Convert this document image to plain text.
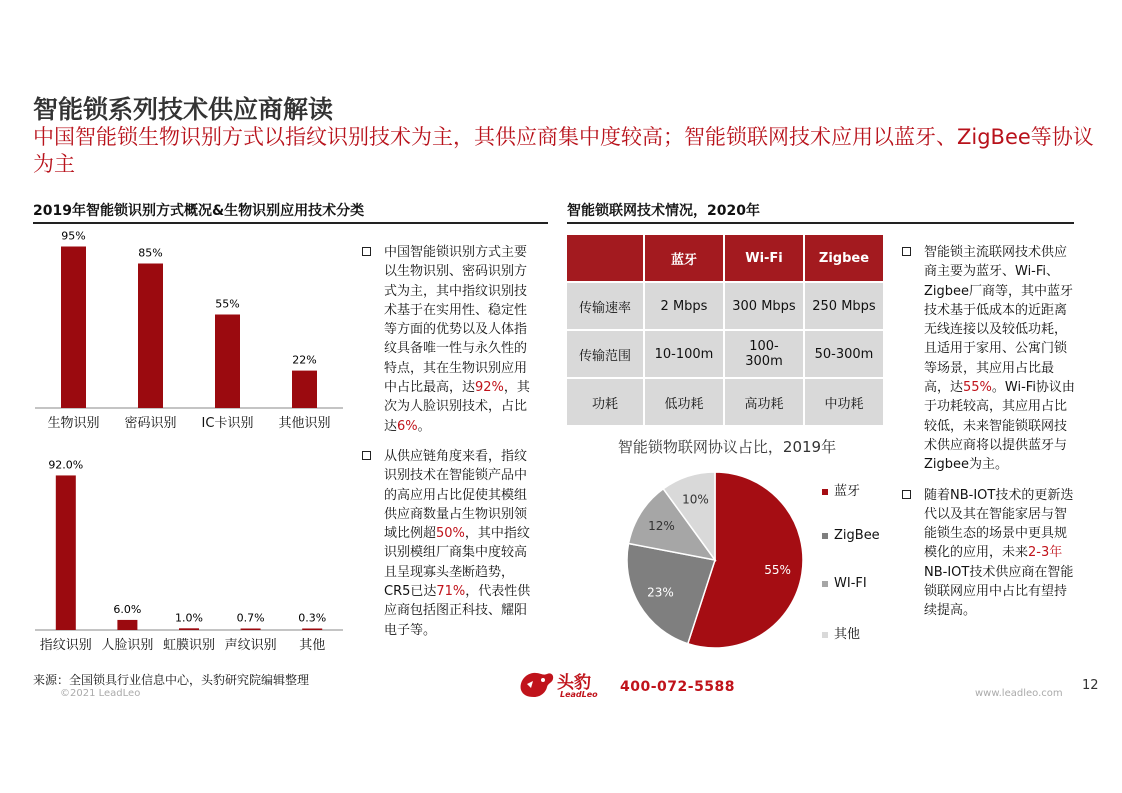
智能锁系列技术供应商解读
中国智能锁生物识别方式以指纹识别技术为主，其供应商集中度较高；智能锁联网技术应用以蓝牙、ZigBee等协议为主
2019年智能锁识别方式概况&生物识别应用技术分类	智能锁联网技术情况，2020年
95%
生物识别
85%
密码识别
55%
IC卡识别
22%
其他识别
92.0%
指纹识别
6.0%
人脸识别
1.0%
虹膜识别
0.7%
声纹识别
0.3%
其他
中国智能锁识别方式主要以生物识别、密码识别方式为主，其中指纹识别技术基于在实用性、稳定性等方面的优势以及人体指纹具备唯一性与永久性的特点，其在生物识别应用中占比最高，达92%，其次为人脸识别技术，占比达6%。
从供应链角度来看，指纹识别技术在智能锁产品中的高应用占比促使其模组供应商数量占生物识别领域比例超50%，其中指纹识别模组厂商集中度较高且呈现寡头垄断趋势，CR5已达71%，代表性供应商包括图正科技、耀阳电子等。
	蓝牙	Wi-Fi	Zigbee
传输速率	2 Mbps	300 Mbps	250 Mbps
传输范围	10-100m	100-300m	50-300m
功耗	低功耗	高功耗	中功耗
智能锁物联网协议占比，2019年
55%
23%
12%
10%
蓝牙
ZigBee
WI-FI
其他
智能锁主流联网技术供应商主要为蓝牙、Wi-Fi、Zigbee厂商等，其中蓝牙技术基于低成本的近距离无线连接以及较低功耗，且适用于家用、公寓门锁等场景，其应用占比最高，达55%。Wi-Fi协议由于功耗较高，其应用占比较低，未来智能锁联网技术供应商将以提供蓝牙与Zigbee为主。
随着NB-IOT技术的更新迭代以及其在智能家居与智能锁生态的场景中更具规模化的应用，未来2-3年NB-IOT技术供应商在智能锁联网应用中占比有望持续提高。
来源：全国锁具行业信息中心，头豹研究院编辑整理
©2021 LeadLeo
头豹
LeadLeo 400-072-5588	www.leadleo.com
12
